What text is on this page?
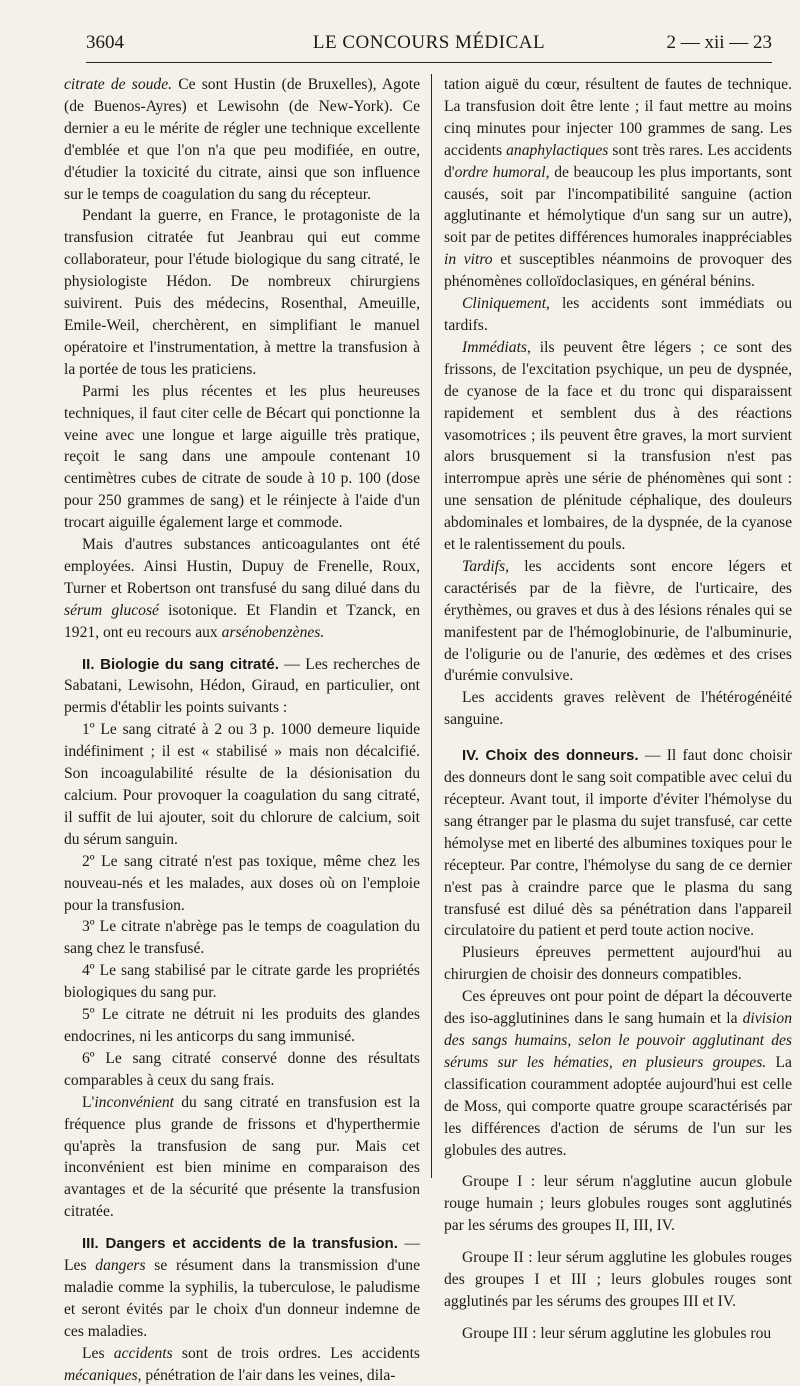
3604	LE CONCOURS MÉDICAL	2 — xii — 23

citrate de soude. Ce sont Hustin (de Bruxelles), Agote (de Buenos-Ayres) et Lewisohn (de New-York). Ce dernier a eu le mérite de régler une technique excellente d'emblée et que l'on n'a que peu modifiée, en outre, d'étudier la toxicité du citrate, ainsi que son influence sur le temps de coagulation du sang du récepteur.

Pendant la guerre, en France, le protagoniste de la transfusion citratée fut Jeanbrau qui eut comme collaborateur, pour l'étude biologique du sang citraté, le physiologiste Hédon. De nombreux chirurgiens suivirent. Puis des médecins, Rosenthal, Ameuille, Emile-Weil, cherchèrent, en simplifiant le manuel opératoire et l'instrumentation, à mettre la transfusion à la portée de tous les praticiens.

Parmi les plus récentes et les plus heureuses techniques, il faut citer celle de Bécart qui ponctionne la veine avec une longue et large aiguille très pratique, reçoit le sang dans une ampoule contenant 10 centimètres cubes de citrate de soude à 10 p. 100 (dose pour 250 grammes de sang) et le réinjecte à l'aide d'un trocart aiguille également large et commode.

Mais d'autres substances anticoagulantes ont été employées. Ainsi Hustin, Dupuy de Frenelle, Roux, Turner et Robertson ont transfusé du sang dilué dans du sérum glucosé isotonique. Et Flandin et Tzanck, en 1921, ont eu recours aux arsénobenzènes.

II. Biologie du sang citraté. — Les recherches de Sabatani, Lewisohn, Hédon, Giraud, en particulier, ont permis d'établir les points suivants :

1º Le sang citraté à 2 ou 3 p. 1000 demeure liquide indéfiniment ; il est « stabilisé » mais non décalcifié. Son incoagulabilité résulte de la désionisation du calcium. Pour provoquer la coagulation du sang citraté, il suffit de lui ajouter, soit du chlorure de calcium, soit du sérum sanguin.

2º Le sang citraté n'est pas toxique, même chez les nouveau-nés et les malades, aux doses où on l'emploie pour la transfusion.

3º Le citrate n'abrège pas le temps de coagulation du sang chez le transfusé.

4º Le sang stabilisé par le citrate garde les propriétés biologiques du sang pur.

5º Le citrate ne détruit ni les produits des glandes endocrines, ni les anticorps du sang immunisé.

6º Le sang citraté conservé donne des résultats comparables à ceux du sang frais.

L'inconvénient du sang citraté en transfusion est la fréquence plus grande de frissons et d'hyperthermie qu'après la transfusion de sang pur. Mais cet inconvénient est bien minime en comparaison des avantages et de la sécurité que présente la transfusion citratée.

III. Dangers et accidents de la transfusion. — Les dangers se résument dans la transmission d'une maladie comme la syphilis, la tuberculose, le paludisme et seront évités par le choix d'un donneur indemne de ces maladies.

Les accidents sont de trois ordres. Les accidents mécaniques, pénétration de l'air dans les veines, dila-

tation aiguë du cœur, résultent de fautes de technique. La transfusion doit être lente ; il faut mettre au moins cinq minutes pour injecter 100 grammes de sang. Les accidents anaphylactiques sont très rares. Les accidents d'ordre humoral, de beaucoup les plus importants, sont causés, soit par l'incompatibilité sanguine (action agglutinante et hémolytique d'un sang sur un autre), soit par de petites différences humorales inappréciables in vitro et susceptibles néanmoins de provoquer des phénomènes colloïdoclasiques, en général bénins.

Cliniquement, les accidents sont immédiats ou tardifs.

Immédiats, ils peuvent être légers ; ce sont des frissons, de l'excitation psychique, un peu de dyspnée, de cyanose de la face et du tronc qui disparaissent rapidement et semblent dus à des réactions vasomotrices ; ils peuvent être graves, la mort survient alors brusquement si la transfusion n'est pas interrompue après une série de phénomènes qui sont : une sensation de plénitude céphalique, des douleurs abdominales et lombaires, de la dyspnée, de la cyanose et le ralentissement du pouls.

Tardifs, les accidents sont encore légers et caractérisés par de la fièvre, de l'urticaire, des érythèmes, ou graves et dus à des lésions rénales qui se manifestent par de l'hémoglobinurie, de l'albuminurie, de l'oligurie ou de l'anurie, des œdèmes et des crises d'urémie convulsive.

Les accidents graves relèvent de l'hétérogénéité sanguine.

IV. Choix des donneurs. — Il faut donc choisir des donneurs dont le sang soit compatible avec celui du récepteur. Avant tout, il importe d'éviter l'hémolyse du sang étranger par le plasma du sujet transfusé, car cette hémolyse met en liberté des albumines toxiques pour le récepteur. Par contre, l'hémolyse du sang de ce dernier n'est pas à craindre parce que le plasma du sang transfusé est dilué dès sa pénétration dans l'appareil circulatoire du patient et perd toute action nocive.

Plusieurs épreuves permettent aujourd'hui au chirurgien de choisir des donneurs compatibles.

Ces épreuves ont pour point de départ la découverte des iso-agglutinines dans le sang humain et la division des sangs humains, selon le pouvoir agglutinant des sérums sur les hématies, en plusieurs groupes. La classification couramment adoptée aujourd'hui est celle de Moss, qui comporte quatre groupe scaractérisés par les différences d'action de sérums de l'un sur les globules des autres.

Groupe I : leur sérum n'agglutine aucun globule rouge humain ; leurs globules rouges sont agglutinés par les sérums des groupes II, III, IV.

Groupe II : leur sérum agglutine les globules rouges des groupes I et III ; leurs globules rouges sont agglutinés par les sérums des groupes III et IV.

Groupe III : leur sérum agglutine les globules rou
